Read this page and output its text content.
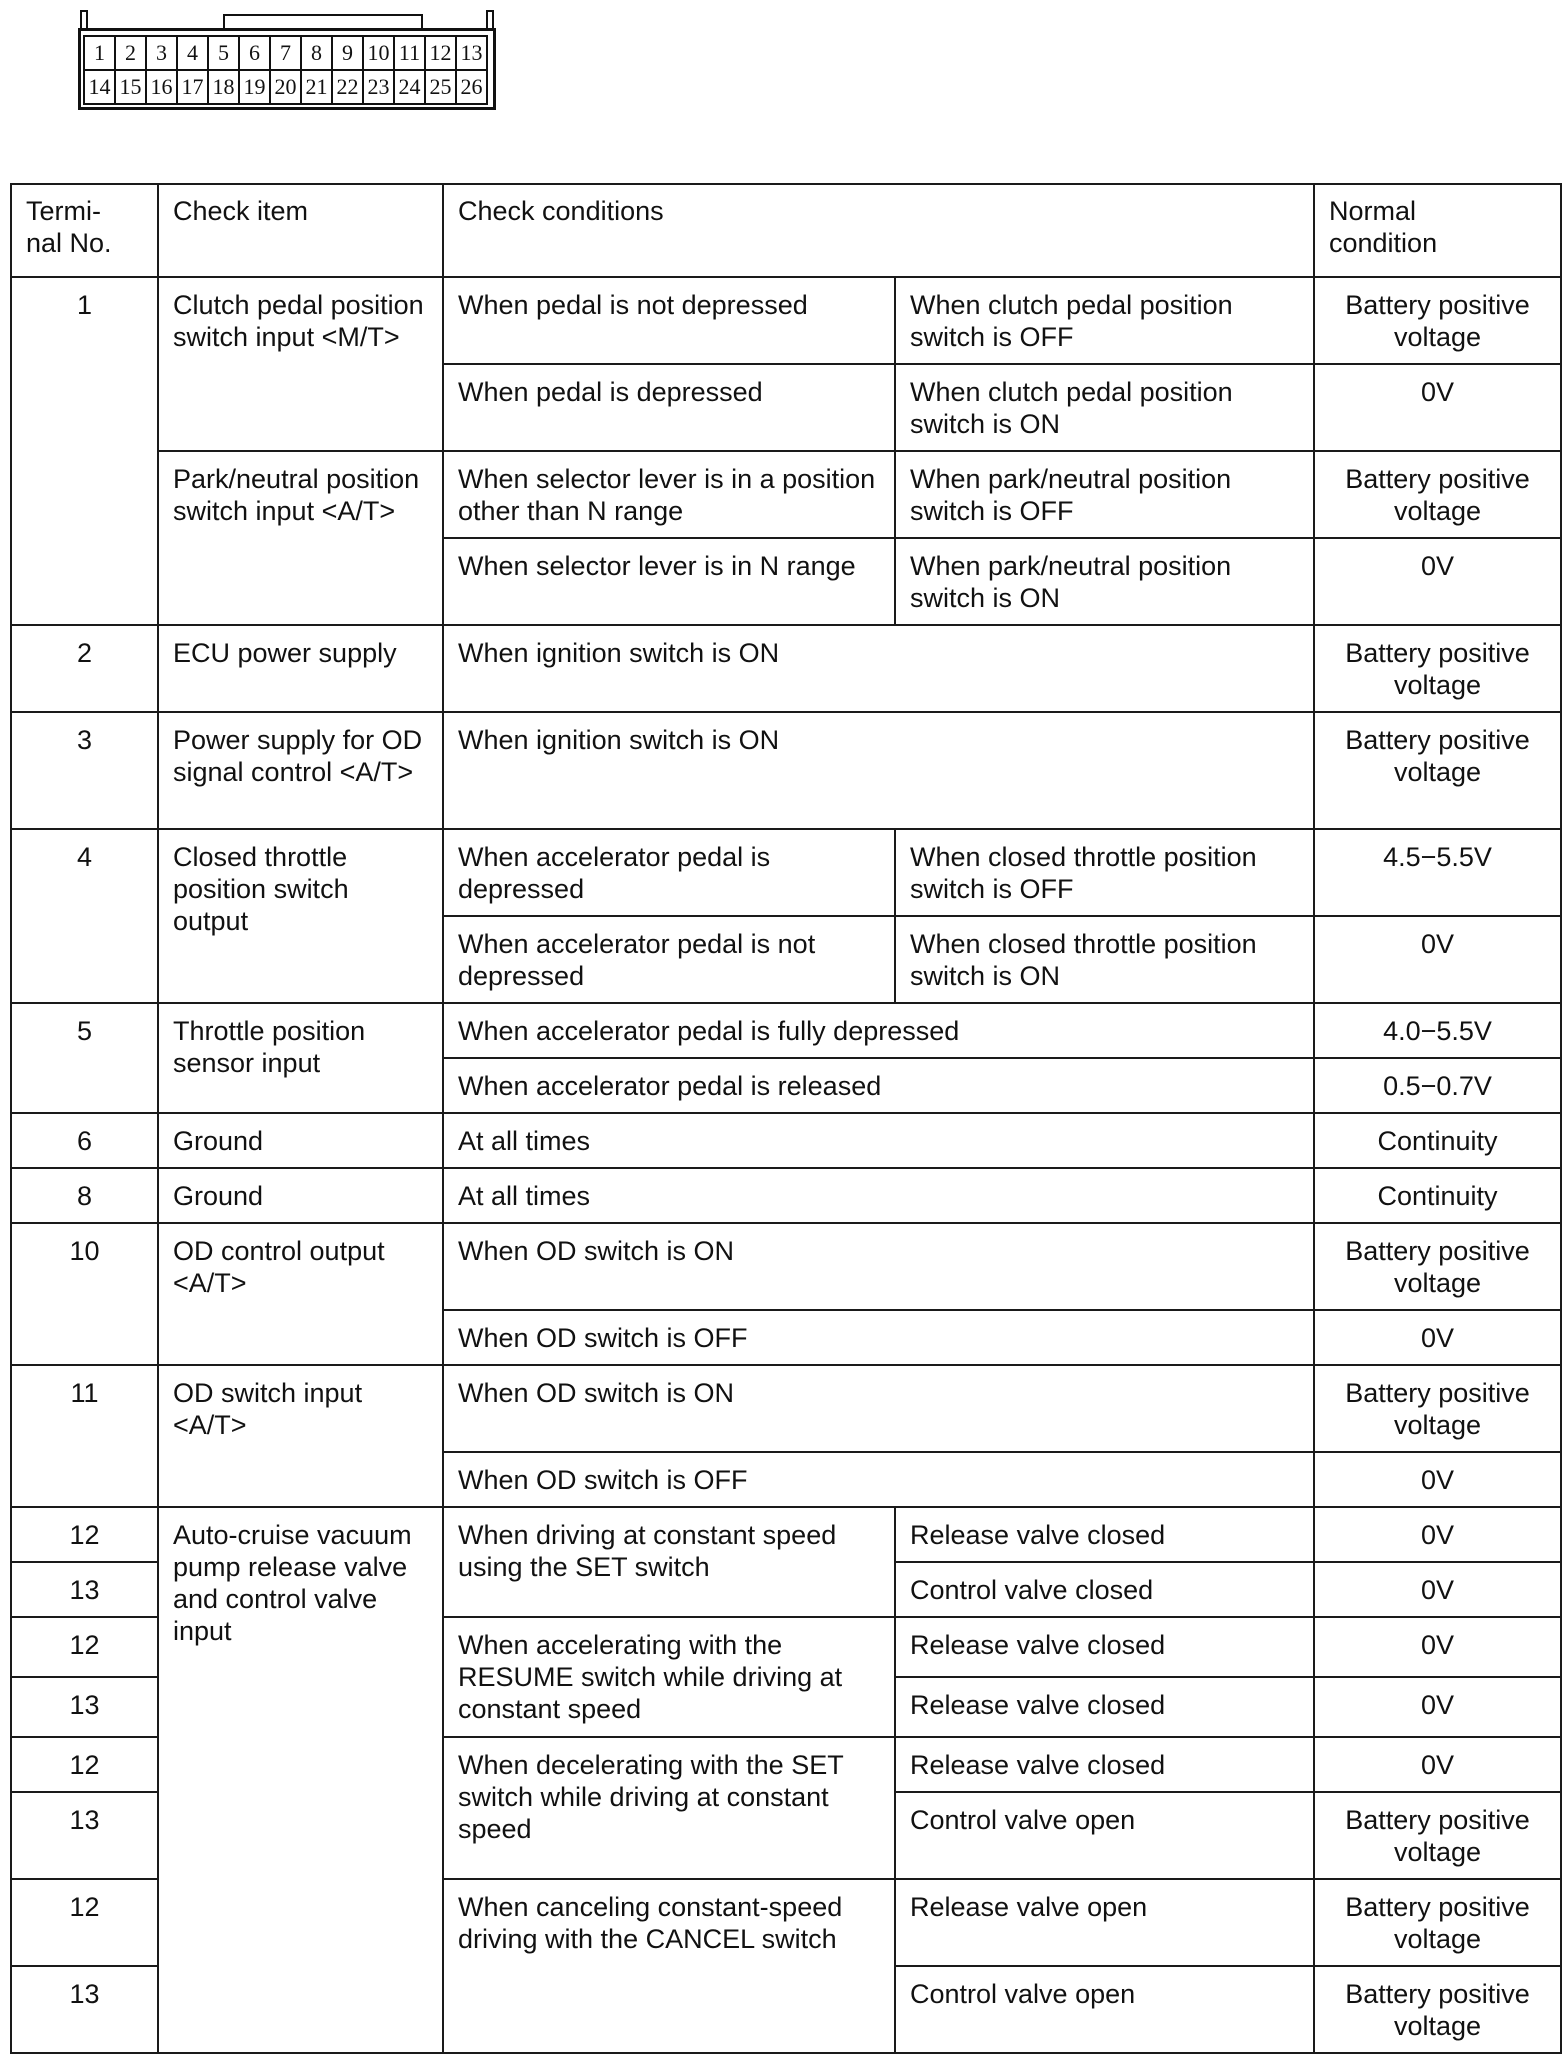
1 2 3 4 5 6 7 8 9 10 11 12 13
14 15 16 17 18 19 20 21 22 23 24 25 26
Termi-
nal No.	Check item	Check conditions		Normal
condition
1	Clutch pedal position switch input <M/T>	When pedal is not depressed	When clutch pedal position switch is OFF	Battery positive
voltage
		When pedal is depressed	When clutch pedal position switch is ON	0V
	Park/neutral position switch input <A/T>	When selector lever is in a position other than N range	When park/neutral position switch is OFF	Battery positive
voltage
		When selector lever is in N range	When park/neutral position switch is ON	0V
2	ECU power supply	When ignition switch is ON		Battery positive
voltage
3	Power supply for OD signal control <A/T>	When ignition switch is ON		Battery positive
voltage
4	Closed throttle position switch output	When accelerator pedal is depressed	When closed throttle position switch is OFF	4.5−5.5V
		When accelerator pedal is not depressed	When closed throttle position switch is ON	0V
5	Throttle position sensor input	When accelerator pedal is fully depressed		4.0−5.5V
		When accelerator pedal is released		0.5−0.7V
6	Ground	At all times		Continuity
8	Ground	At all times		Continuity
10	OD control output <A/T>	When OD switch is ON		Battery positive
voltage
		When OD switch is OFF		0V
11	OD switch input <A/T>	When OD switch is ON		Battery positive
voltage
		When OD switch is OFF		0V
12	Auto-cruise vacuum pump release valve and control valve input	When driving at constant speed using the SET switch	Release valve closed	0V
13			Control valve closed	0V
12		When accelerating with the RESUME switch while driving at constant speed	Release valve closed	0V
13			Release valve closed	0V
12		When decelerating with the SET switch while driving at constant speed	Release valve closed	0V
13			Control valve open	Battery positive
voltage
12		When canceling constant-speed driving with the CANCEL switch	Release valve open	Battery positive
voltage
13			Control valve open	Battery positive
voltage
